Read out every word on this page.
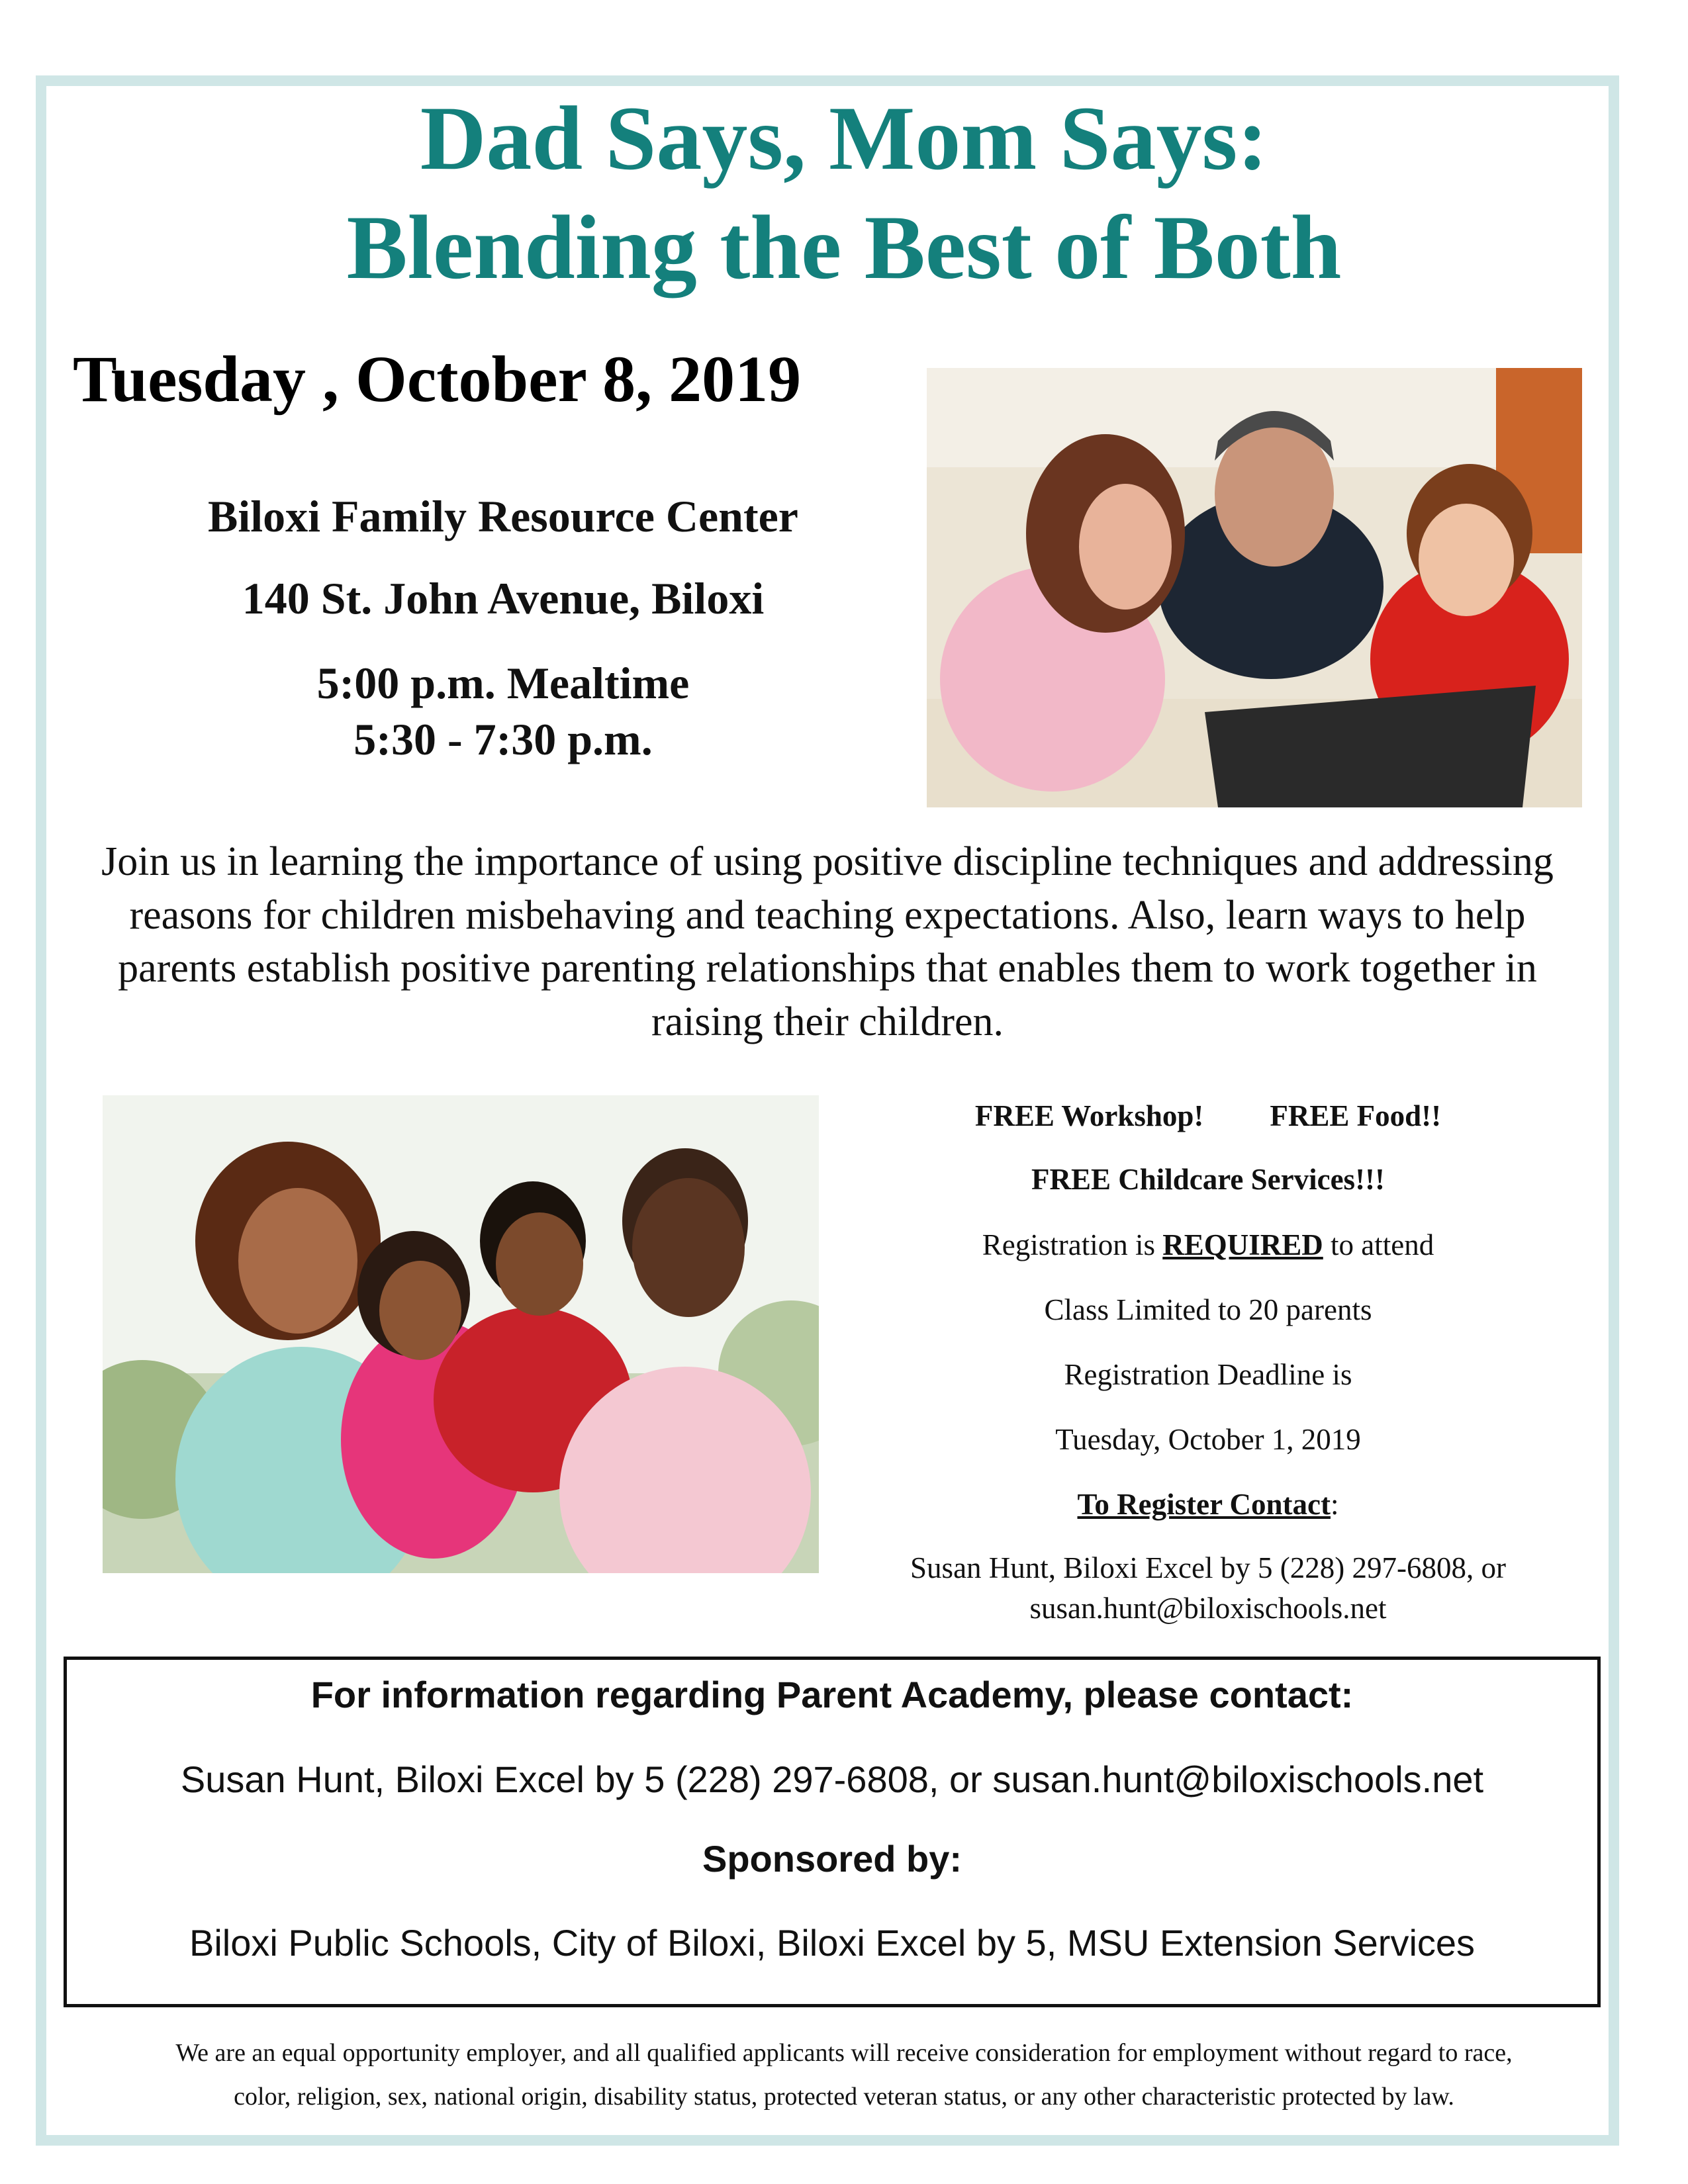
Dad Says, Mom Says:
Blending the Best of Both
Tuesday , October 8, 2019
Biloxi Family Resource Center
140 St. John Avenue, Biloxi
5:00 p.m. Mealtime
5:30 - 7:30 p.m.
Join us in learning the importance of using positive discipline techniques and addressing reasons for children misbehaving and teaching expectations. Also, learn ways to help parents establish positive parenting relationships that enables them to work together in raising their children.
FREE Workshop! FREE Food!!
FREE Childcare Services!!!
Registration is REQUIRED to attend
Class Limited to 20 parents
Registration Deadline is
Tuesday, October 1, 2019
To Register Contact:
Susan Hunt, Biloxi Excel by 5 (228) 297-6808, or
susan.hunt@biloxischools.net
For information regarding Parent Academy, please contact:
Susan Hunt, Biloxi Excel by 5 (228) 297-6808, or susan.hunt@biloxischools.net
Sponsored by:
Biloxi Public Schools, City of Biloxi, Biloxi Excel by 5, MSU Extension Services
We are an equal opportunity employer, and all qualified applicants will receive consideration for employment without regard to race,
color, religion, sex, national origin, disability status, protected veteran status, or any other characteristic protected by law.
